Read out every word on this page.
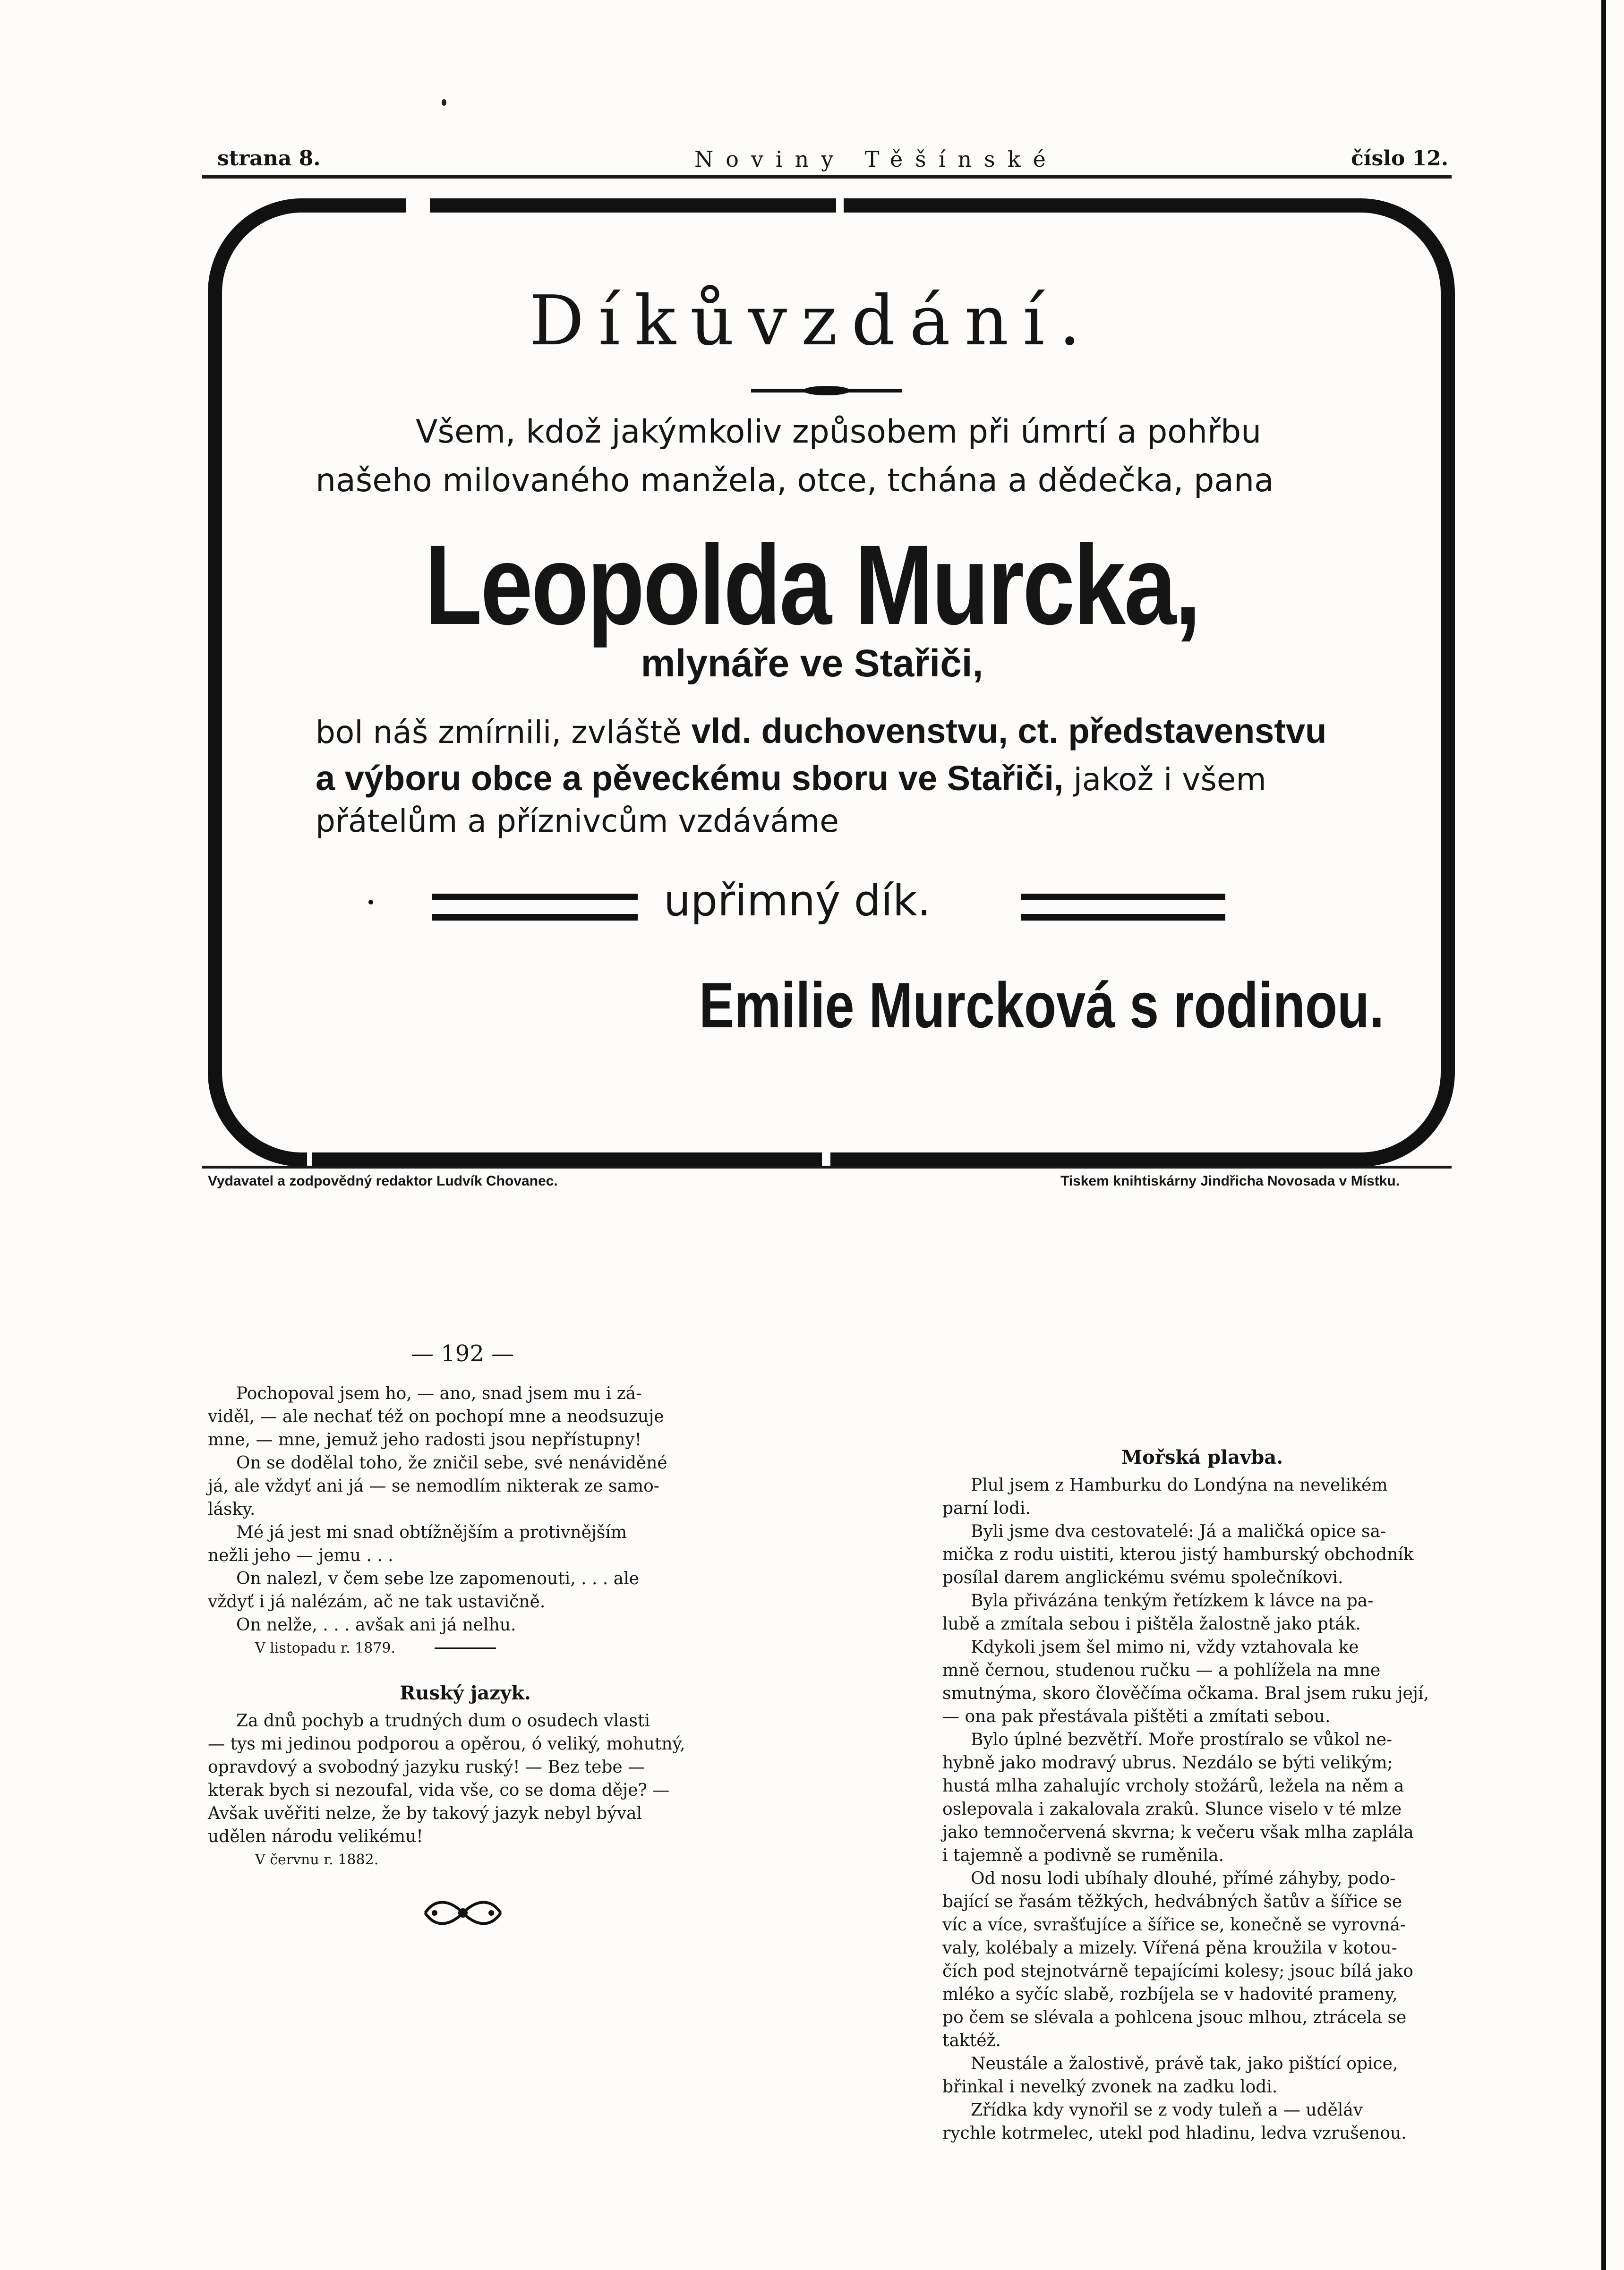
strana 8.	Noviny Těšínské	číslo 12.
Díkůvzdání.
Všem, kdož jakýmkoliv způsobem při úmrtí a pohřbu
našeho milovaného manžela, otce, tchána a dědečka, pana
Leopolda Murcka,
mlynáře ve Stařiči,
bol náš zmírnili, zvláště vld. duchovenstvu, ct. představenstvu
a výboru obce a pěveckému sboru ve Stařiči, jakož i všem
přátelům a příznivcům vzdáváme
upřimný dík.
Emilie Murcková s rodinou.
Vydavatel a zodpovědný redaktor Ludvík Chovanec.	Tiskem knihtiskárny Jindřicha Novosada v Místku.
— 192 —

Pochopoval jsem ho, — ano, snad jsem mu i zá-

viděl, — ale nechať též on pochopí mne a neodsuzuje

mne, — mne, jemuž jeho radosti jsou nepřístupny!

On se dodělal toho, že zničil sebe, své nenáviděné

já, ale vždyť ani já — se nemodlím nikterak ze samo-

lásky.

Mé já jest mi snad obtížnějším a protivnějším

nežli jeho — jemu . . .

On nalezl, v čem sebe lze zapomenouti, . . . ale

vždyť i já nalézám, ač ne tak ustavičně.

On nelže, . . . avšak ani já nelhu.

V listopadu r. 1879.

Ruský jazyk.

Za dnů pochyb a trudných dum o osudech vlasti

— tys mi jedinou podporou a opěrou, ó veliký, mohutný,

opravdový a svobodný jazyku ruský! — Bez tebe —

kterak bych si nezoufal, vida vše, co se doma děje? —

Avšak uvěřiti nelze, že by takový jazyk nebyl býval

udělen národu velikému!

V červnu r. 1882.

Mořská plavba.

Plul jsem z Hamburku do Londýna na nevelikém

parní lodi.

Byli jsme dva cestovatelé: Já a maličká opice sa-

mička z rodu uistiti, kterou jistý hamburský obchodník

posílal darem anglickému svému společníkovi.

Byla přivázána tenkým řetízkem k lávce na pa-

lubě a zmítala sebou i pištěla žalostně jako pták.

Kdykoli jsem šel mimo ni, vždy vztahovala ke

mně černou, studenou ručku — a pohlížela na mne

smutnýma, skoro člověčíma očkama. Bral jsem ruku její,

— ona pak přestávala pištěti a zmítati sebou.

Bylo úplné bezvětří. Moře prostíralo se vůkol ne-

hybně jako modravý ubrus. Nezdálo se býti velikým;

hustá mlha zahalujíc vrcholy stožárů, ležela na něm a

oslepovala i zakalovala zrakû. Slunce viselo v té mlze

jako temnočervená skvrna; k večeru však mlha zaplála

i tajemně a podivně se ruměnila.

Od nosu lodi ubíhaly dlouhé, přímé záhyby, podo-

bající se řasám těžkých, hedvábných šatův a šířice se

víc a více, svrašťujíce a šířice se, konečně se vyrovná-

valy, kolébaly a mizely. Vířená pěna kroužila v kotou-

čích pod stejnotvárně tepajícími kolesy; jsouc bílá jako

mléko a syčíc slabě, rozbíjela se v hadovité prameny,

po čem se slévala a pohlcena jsouc mlhou, ztrácela se

taktéž.

Neustále a žalostivě, právě tak, jako pištící opice,

břinkal i nevelký zvonek na zadku lodi.

Zřídka kdy vynořil se z vody tuleň a — uděláv

rychle kotrmelec, utekl pod hladinu, ledva vzrušenou.
